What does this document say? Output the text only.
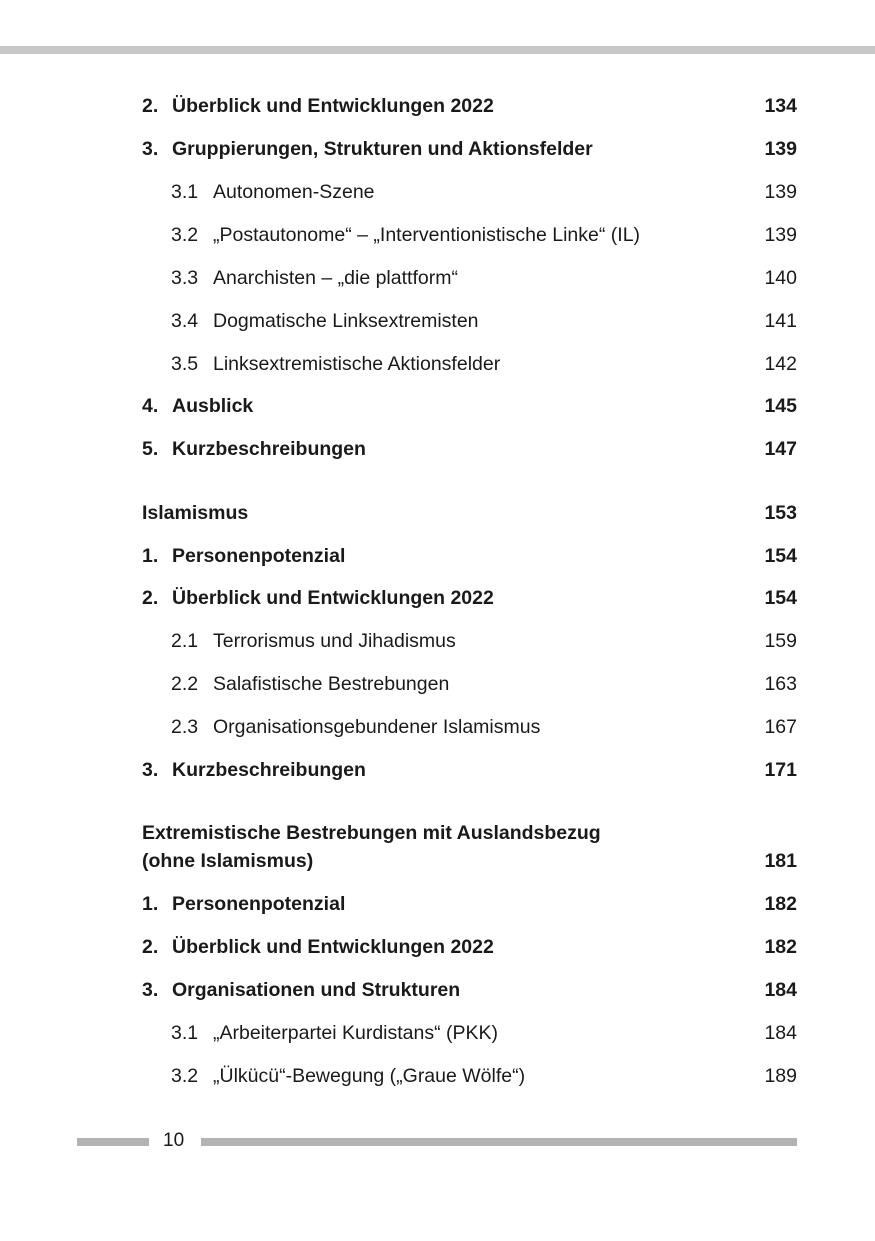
2. Überblick und Entwicklungen 2022	134
3. Gruppierungen, Strukturen und Aktionsfelder	139
3.1 Autonomen-Szene	139
3.2 „Postautonome“ – „Interventionistische Linke“ (IL)	139
3.3 Anarchisten – „die plattform“	140
3.4 Dogmatische Linksextremisten	141
3.5 Linksextremistische Aktionsfelder	142
4. Ausblick	145
5. Kurzbeschreibungen	147
Islamismus	153
1. Personenpotenzial	154
2. Überblick und Entwicklungen 2022	154
2.1 Terrorismus und Jihadismus	159
2.2 Salafistische Bestrebungen	163
2.3 Organisationsgebundener Islamismus	167
3. Kurzbeschreibungen	171
Extremistische Bestrebungen mit Auslandsbezug
(ohne Islamismus)	181
1. Personenpotenzial	182
2. Überblick und Entwicklungen 2022	182
3. Organisationen und Strukturen	184
3.1 „Arbeiterpartei Kurdistans“ (PKK)	184
3.2 „Ülkücü“-Bewegung („Graue Wölfe“)	189
10
